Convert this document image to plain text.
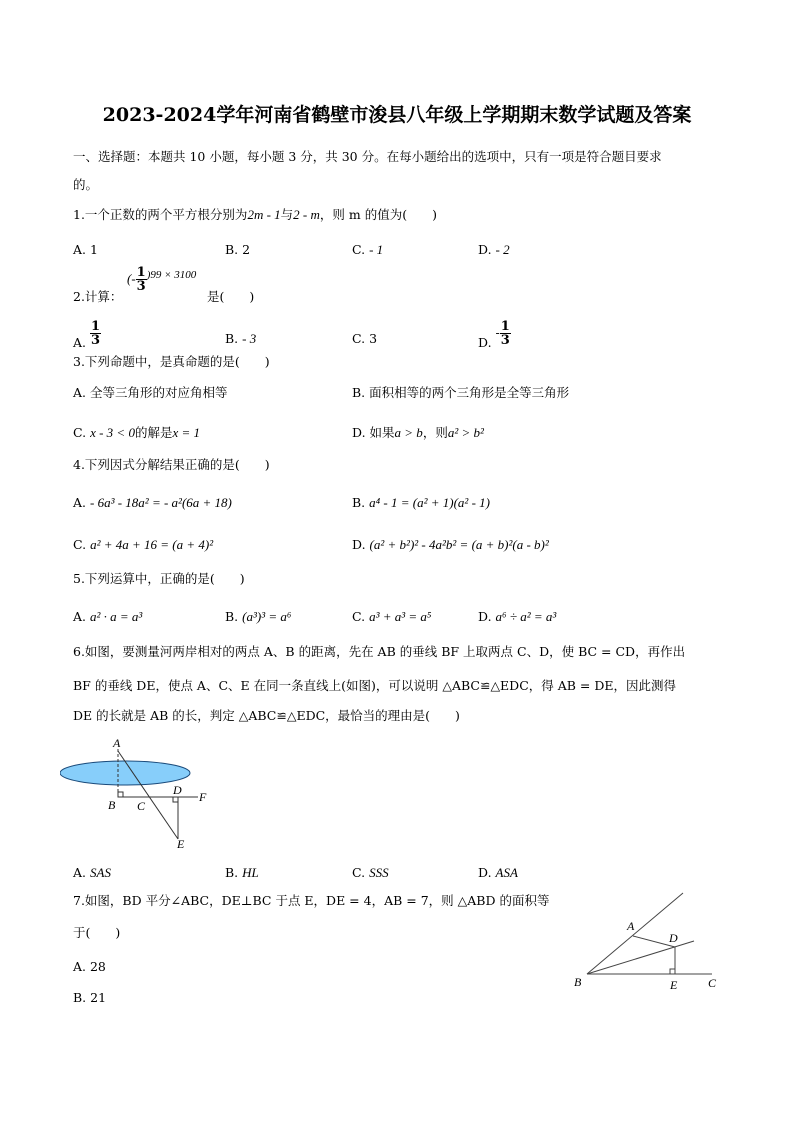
2023-2024学年河南省鹤壁市浚县八年级上学期期末数学试题及答案
一、选择题：本题共 10 小题，每小题 3 分，共 30 分。在每小题给出的选项中，只有一项是符合题目要求
的。
1.一个正数的两个平方根分别为2m - 1与2 - m，则 m 的值为(　　)
A. 1	B. 2	C. - 1	D. - 2
2.计算：
(- $\frac{1}{3} )99 \times 3100$
是(　　)
A. $\frac{1}{3}$	B. - 3	C. 3	D. - $\frac{1}{3}$
3.下列命题中，是真命题的是(　　)
A. 全等三角形的对应角相等	B. 面积相等的两个三角形是全等三角形
C. x - 3 < 0的解是x = 1	D. 如果a > b，则a² > b²
4.下列因式分解结果正确的是(　　)
A. - 6a³ - 18a² = - a²(6a + 18)	B. a⁴ - 1 = (a² + 1)(a² - 1)
C. a² + 4a + 16 = (a + 4)²	D. (a² + b²)² - 4a²b² = (a + b)²(a - b)²
5.下列运算中，正确的是(　　)
A. a² · a = a³	B. (a³)³ = a⁶	C. a³ + a³ = a⁵	D. a⁶ ÷ a² = a³
6.如图，要测量河两岸相对的两点 A、B 的距离，先在 AB 的垂线 BF 上取两点 C、D，使 BC = CD，再作出
BF 的垂线 DE，使点 A、C、E 在同一条直线上(如图)，可以说明 △ABC≌△EDC，得 AB = DE，因此测得
DE 的长就是 AB 的长，判定 △ABC≌△EDC，最恰当的理由是(　　)
A
B C
D F
E
A. SAS	B. HL	C. SSS	D. ASA
7.如图，BD 平分∠ABC，DE⊥BC 于点 E，DE = 4，AB = 7，则 △ABD 的面积等
于(　　)
A. 28
B. 21
A
D
B	E	C
